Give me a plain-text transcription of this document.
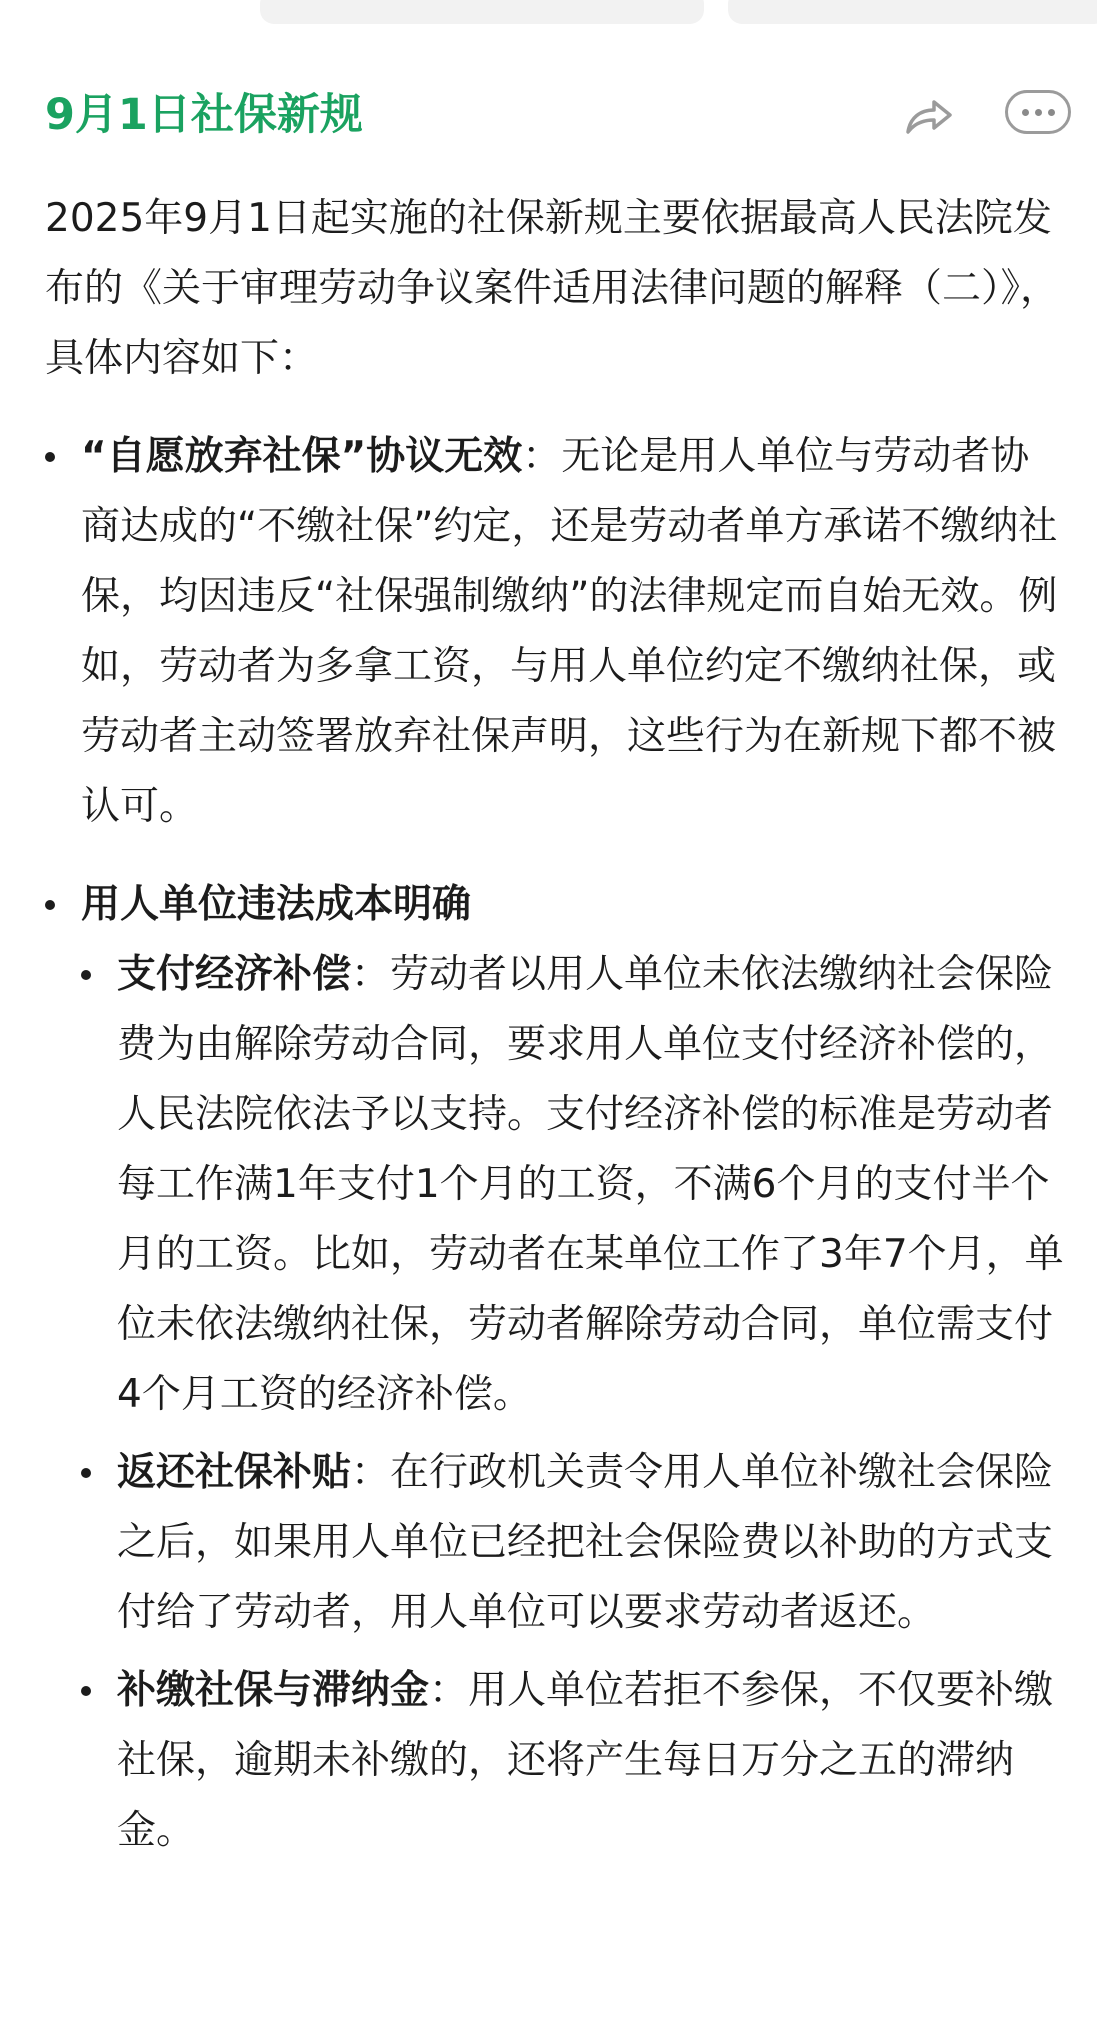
9月1日社保新规

2025年9月1日起实施的社保新规主要依据最高人民法院发布的《关于审理劳动争议案件适用法律问题的解释（二）》，具体内容如下：

“自愿放弃社保”协议无效：无论是用人单位与劳动者协商达成的“不缴社保”约定，还是劳动者单方承诺不缴纳社保，均因违反“社保强制缴纳”的法律规定而自始无效。例如，劳动者为多拿工资，与用人单位约定不缴纳社保，或劳动者主动签署放弃社保声明，这些行为在新规下都不被认可。
用人单位违法成本明确
支付经济补偿：劳动者以用人单位未依法缴纳社会保险费为由解除劳动合同，要求用人单位支付经济补偿的，人民法院依法予以支持。支付经济补偿的标准是劳动者每工作满1年支付1个月的工资，不满6个月的支付半个月的工资。比如，劳动者在某单位工作了3年7个月，单位未依法缴纳社保，劳动者解除劳动合同，单位需支付4个月工资的经济补偿。
返还社保补贴：在行政机关责令用人单位补缴社会保险之后，如果用人单位已经把社会保险费以补助的方式支付给了劳动者，用人单位可以要求劳动者返还。
补缴社保与滞纳金：用人单位若拒不参保，不仅要补缴社保，逾期未补缴的，还将产生每日万分之五的滞纳金。
